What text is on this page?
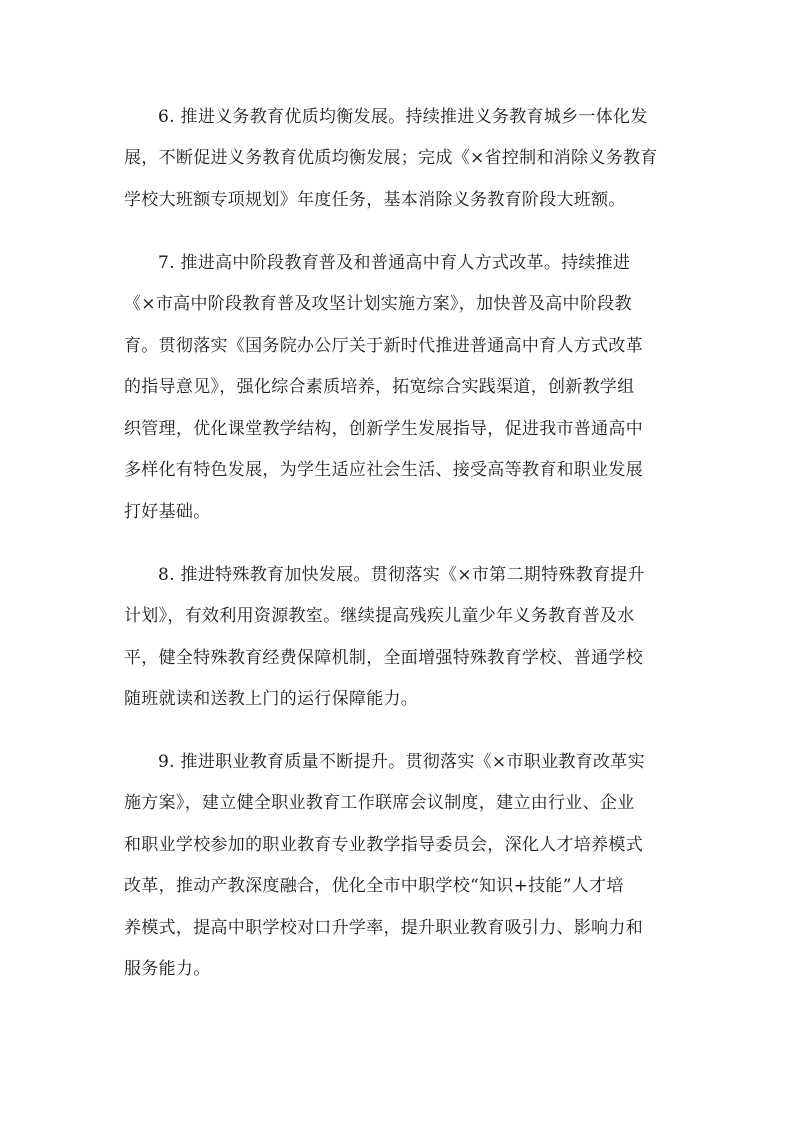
6. 推进义务教育优质均衡发展。持续推进义务教育城乡一体化发
展，不断促进义务教育优质均衡发展；完成《×省控制和消除义务教育
学校大班额专项规划》年度任务，基本消除义务教育阶段大班额。
7. 推进高中阶段教育普及和普通高中育人方式改革。持续推进
《×市高中阶段教育普及攻坚计划实施方案》，加快普及高中阶段教
育。贯彻落实《国务院办公厅关于新时代推进普通高中育人方式改革
的指导意见》，强化综合素质培养，拓宽综合实践渠道，创新教学组
织管理，优化课堂教学结构，创新学生发展指导，促进我市普通高中
多样化有特色发展，为学生适应社会生活、接受高等教育和职业发展
打好基础。
8. 推进特殊教育加快发展。贯彻落实《×市第二期特殊教育提升
计划》，有效利用资源教室。继续提高残疾儿童少年义务教育普及水
平，健全特殊教育经费保障机制，全面增强特殊教育学校、普通学校
随班就读和送教上门的运行保障能力。
9. 推进职业教育质量不断提升。贯彻落实《×市职业教育改革实
施方案》，建立健全职业教育工作联席会议制度，建立由行业、企业
和职业学校参加的职业教育专业教学指导委员会，深化人才培养模式
改革，推动产教深度融合，优化全市中职学校“知识+技能”人才培
养模式，提高中职学校对口升学率，提升职业教育吸引力、影响力和
服务能力。
